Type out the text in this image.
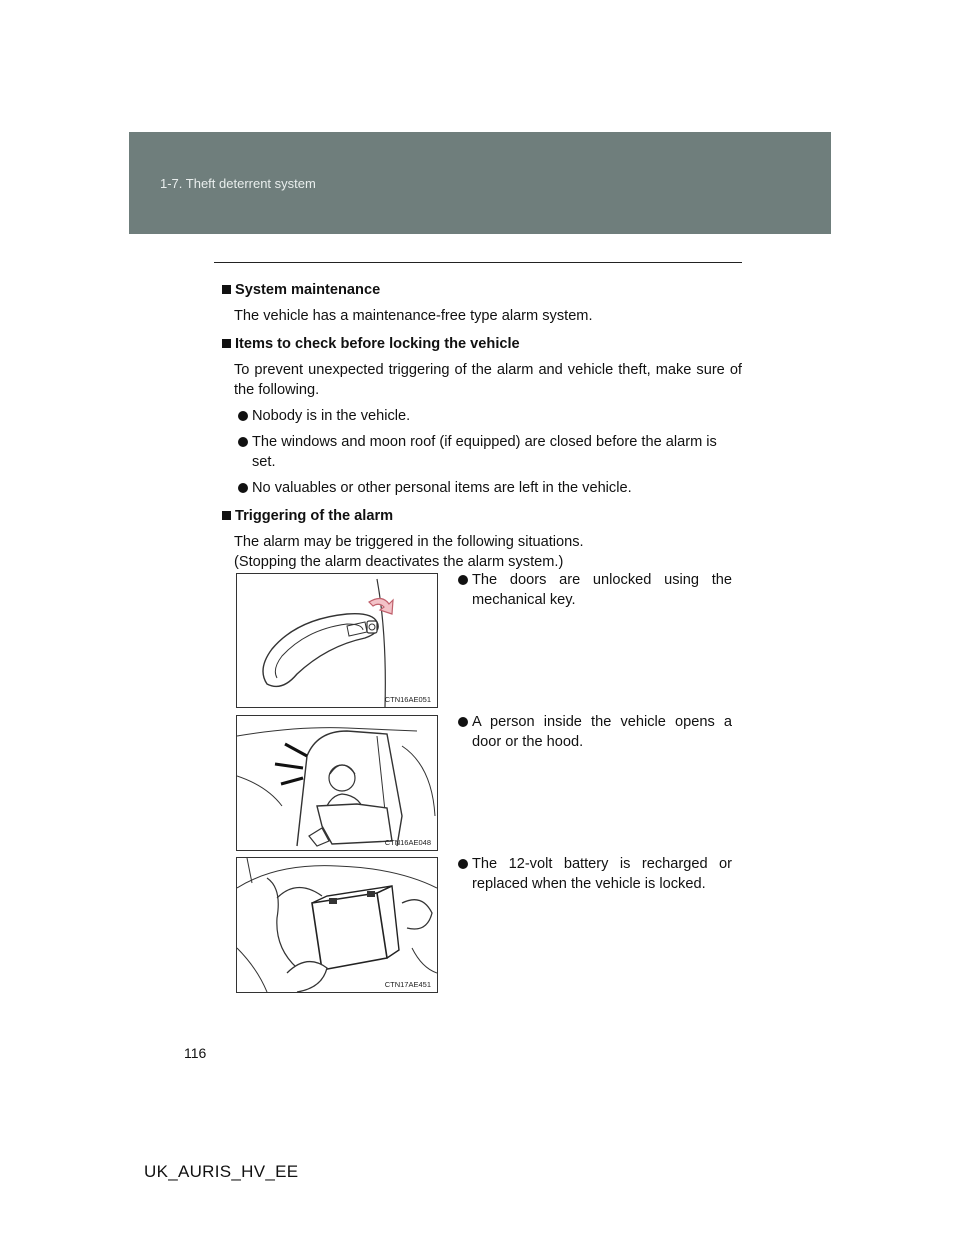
1-7. Theft deterrent system
System maintenance
The vehicle has a maintenance-free type alarm system.
Items to check before locking the vehicle
To prevent unexpected triggering of the alarm and vehicle theft, make sure of the following.
Nobody is in the vehicle.
The windows and moon roof (if equipped) are closed before the alarm is set.
No valuables or other personal items are left in the vehicle.
Triggering of the alarm
The alarm may be triggered in the following situations.
(Stopping the alarm deactivates the alarm system.)
CTN16AE051
The doors are unlocked using the mechanical key.
CTN16AE048
A person inside the vehicle opens a door or the hood.
CTN17AE451
The 12-volt battery is recharged or replaced when the vehicle is locked.
116
UK_AURIS_HV_EE
